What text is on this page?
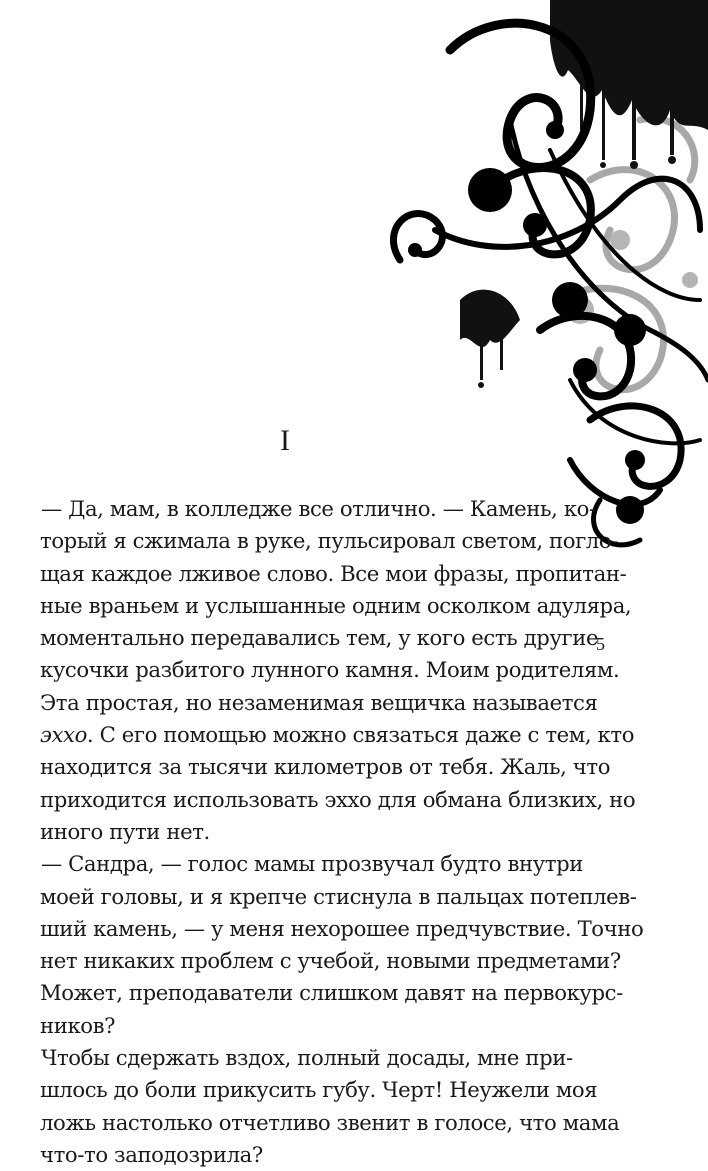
I
5
— Да, мам, в колледже все отлично. — Камень, ко-
торый я сжимала в руке, пульсировал светом, погло-
щая каждое лживое слово. Все мои фразы, пропитан-
ные враньем и услышанные одним осколком адуляра,
моментально передавались тем, у кого есть другие
кусочки разбитого лунного камня. Моим родителям.
Эта простая, но незаменимая вещичка называется
эххо. С его помощью можно связаться даже с тем, кто
находится за тысячи километров от тебя. Жаль, что
приходится использовать эххо для обмана близких, но
иного пути нет.
— Сандра, — голос мамы прозвучал будто внутри
моей головы, и я крепче стиснула в пальцах потеплев-
ший камень, — у меня нехорошее предчувствие. Точно
нет никаких проблем с учебой, новыми предметами?
Может, преподаватели слишком давят на первокурс-
ников?
Чтобы сдержать вздох, полный досады, мне при-
шлось до боли прикусить губу. Черт! Неужели моя
ложь настолько отчетливо звенит в голосе, что мама
что-то заподозрила?
